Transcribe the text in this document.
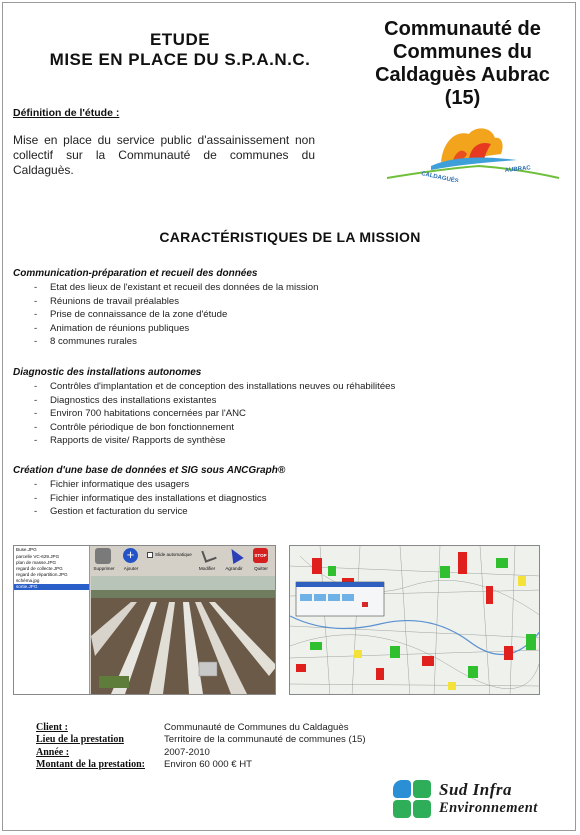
ETUDE
MISE EN PLACE DU S.P.A.N.C.
Communauté de
Communes du
Caldaguès Aubrac
(15)
Définition de l'étude :
Mise en place du service public d'assainissement non collectif sur la Communauté de communes du Caldaguès.
CALDAGUÈS
AUBRAC
CARACTÉRISTIQUES DE LA MISSION
Communication-préparation et recueil des données
- Etat des lieux de l'existant et recueil des données de la mission
- Réunions de travail préalables
- Prise de connaissance de la zone d'étude
- Animation de réunions publiques
- 8 communes rurales
Diagnostic des installations autonomes
- Contrôles d'implantation et de conception des installations neuves ou réhabilitées
- Diagnostics des installations existantes
- Environ 700 habitations concernées par l'ANC
- Contrôle périodique de bon fonctionnement
- Rapports de visite/ Rapports de synthèse
Création d'une base de données et SIG sous ANCGraph®
- Fichier informatique des usagers
- Fichier informatique des installations et diagnostics
- Gestion et facturation du service
Buse.JPG
parcelle VC-629.JPG
plan de masse.JPG
regard de collecte.JPG
regard de répartition.JPG
schéma.jpg
sortie.JPG
Supprimer
+
Ajouter
Slide automatique
Modifier	Agrandir
STOP
Quitter
Client :	Communauté de Communes du Caldaguès
Lieu de la prestation	Territoire de la communauté de communes (15)
Année :	2007-2010
Montant de la prestation:	Environ 60 000 € HT
Sud Infra
Environnement
